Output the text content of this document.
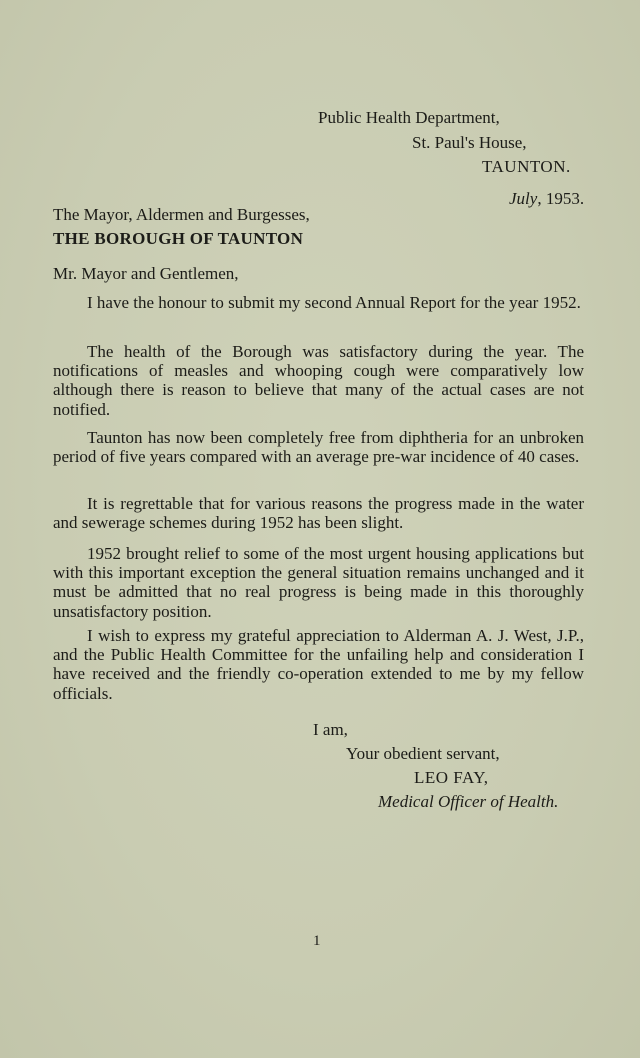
Public Health Department,
St. Paul's House,
TAUNTON.
July, 1953.
The Mayor, Aldermen and Burgesses,
THE BOROUGH OF TAUNTON
Mr. Mayor and Gentlemen,

I have the honour to submit my second Annual Report for the year 1952.

The health of the Borough was satisfactory during the year. The notifications of measles and whooping cough were comparatively low although there is reason to believe that many of the actual cases are not notified.

Taunton has now been completely free from diphtheria for an unbroken period of five years compared with an average pre-war incidence of 40 cases.

It is regrettable that for various reasons the progress made in the water and sewerage schemes during 1952 has been slight.

1952 brought relief to some of the most urgent housing applications but with this important exception the general situation remains unchanged and it must be admitted that no real progress is being made in this thoroughly unsatisfactory position.

I wish to express my grateful appreciation to Alderman A. J. West, J.P., and the Public Health Committee for the unfailing help and consideration I have received and the friendly co-operation extended to me by my fellow officials.

I am,
Your obedient servant,
LEO FAY,
Medical Officer of Health.
1
